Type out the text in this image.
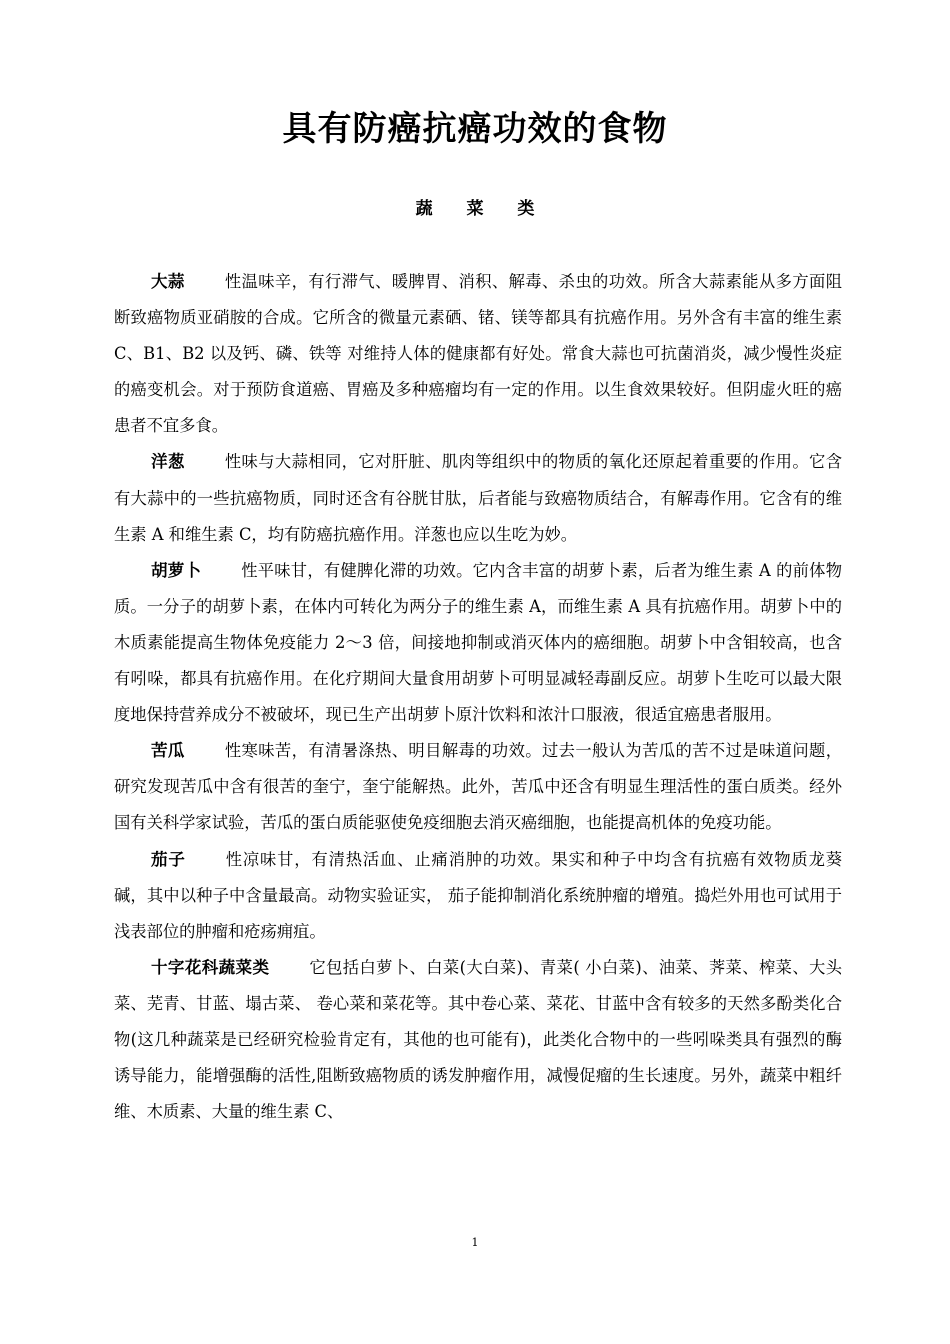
具有防癌抗癌功效的食物
蔬 菜 类

大蒜 性温味辛，有行滞气、暖脾胃、消积、解毒、杀虫的功效。所含大蒜素能从多方面阻断致癌物质亚硝胺的合成。它所含的微量元素硒、锗、镁等都具有抗癌作用。另外含有丰富的维生素 C、B1、B2 以及钙、磷、铁等 对维持人体的健康都有好处。常食大蒜也可抗菌消炎，减少慢性炎症的癌变机会。对于预防食道癌、胃癌及多种癌瘤均有一定的作用。以生食效果较好。但阴虚火旺的癌患者不宜多食。

洋葱 性味与大蒜相同，它对肝脏、肌肉等组织中的物质的氧化还原起着重要的作用。它含有大蒜中的一些抗癌物质，同时还含有谷胱甘肽，后者能与致癌物质结合，有解毒作用。它含有的维生素 A 和维生素 C，均有防癌抗癌作用。洋葱也应以生吃为妙。

胡萝卜 性平味甘，有健脾化滞的功效。它内含丰富的胡萝卜素，后者为维生素 A 的前体物质。一分子的胡萝卜素，在体内可转化为两分子的维生素 A，而维生素 A 具有抗癌作用。胡萝卜中的木质素能提高生物体免疫能力 2～3 倍，间接地抑制或消灭体内的癌细胞。胡萝卜中含钼较高，也含有吲哚，都具有抗癌作用。在化疗期间大量食用胡萝卜可明显减轻毒副反应。胡萝卜生吃可以最大限度地保持营养成分不被破坏，现已生产出胡萝卜原汁饮料和浓汁口服液，很适宜癌患者服用。

苦瓜 性寒味苦，有清暑涤热、明目解毒的功效。过去一般认为苦瓜的苦不过是味道问题，研究发现苦瓜中含有很苦的奎宁，奎宁能解热。此外，苦瓜中还含有明显生理活性的蛋白质类。经外国有关科学家试验，苦瓜的蛋白质能驱使免疫细胞去消灭癌细胞，也能提高机体的免疫功能。

茄子 性凉味甘，有清热活血、止痛消肿的功效。果实和种子中均含有抗癌有效物质龙葵碱，其中以种子中含量最高。动物实验证实， 茄子能抑制消化系统肿瘤的增殖。捣烂外用也可试用于浅表部位的肿瘤和疮疡痈疽。

十字花科蔬菜类 它包括白萝卜、白菜(大白菜)、青菜( 小白菜)、油菜、荠菜、榨菜、大头菜、芜青、甘蓝、塌古菜、 卷心菜和菜花等。其中卷心菜、菜花、甘蓝中含有较多的天然多酚类化合物(这几种蔬菜是已经研究检验肯定有，其他的也可能有)，此类化合物中的一些吲哚类具有强烈的酶诱导能力，能增强酶的活性,阻断致癌物质的诱发肿瘤作用，减慢促瘤的生长速度。另外，蔬菜中粗纤维、木质素、大量的维生素 C、

1
